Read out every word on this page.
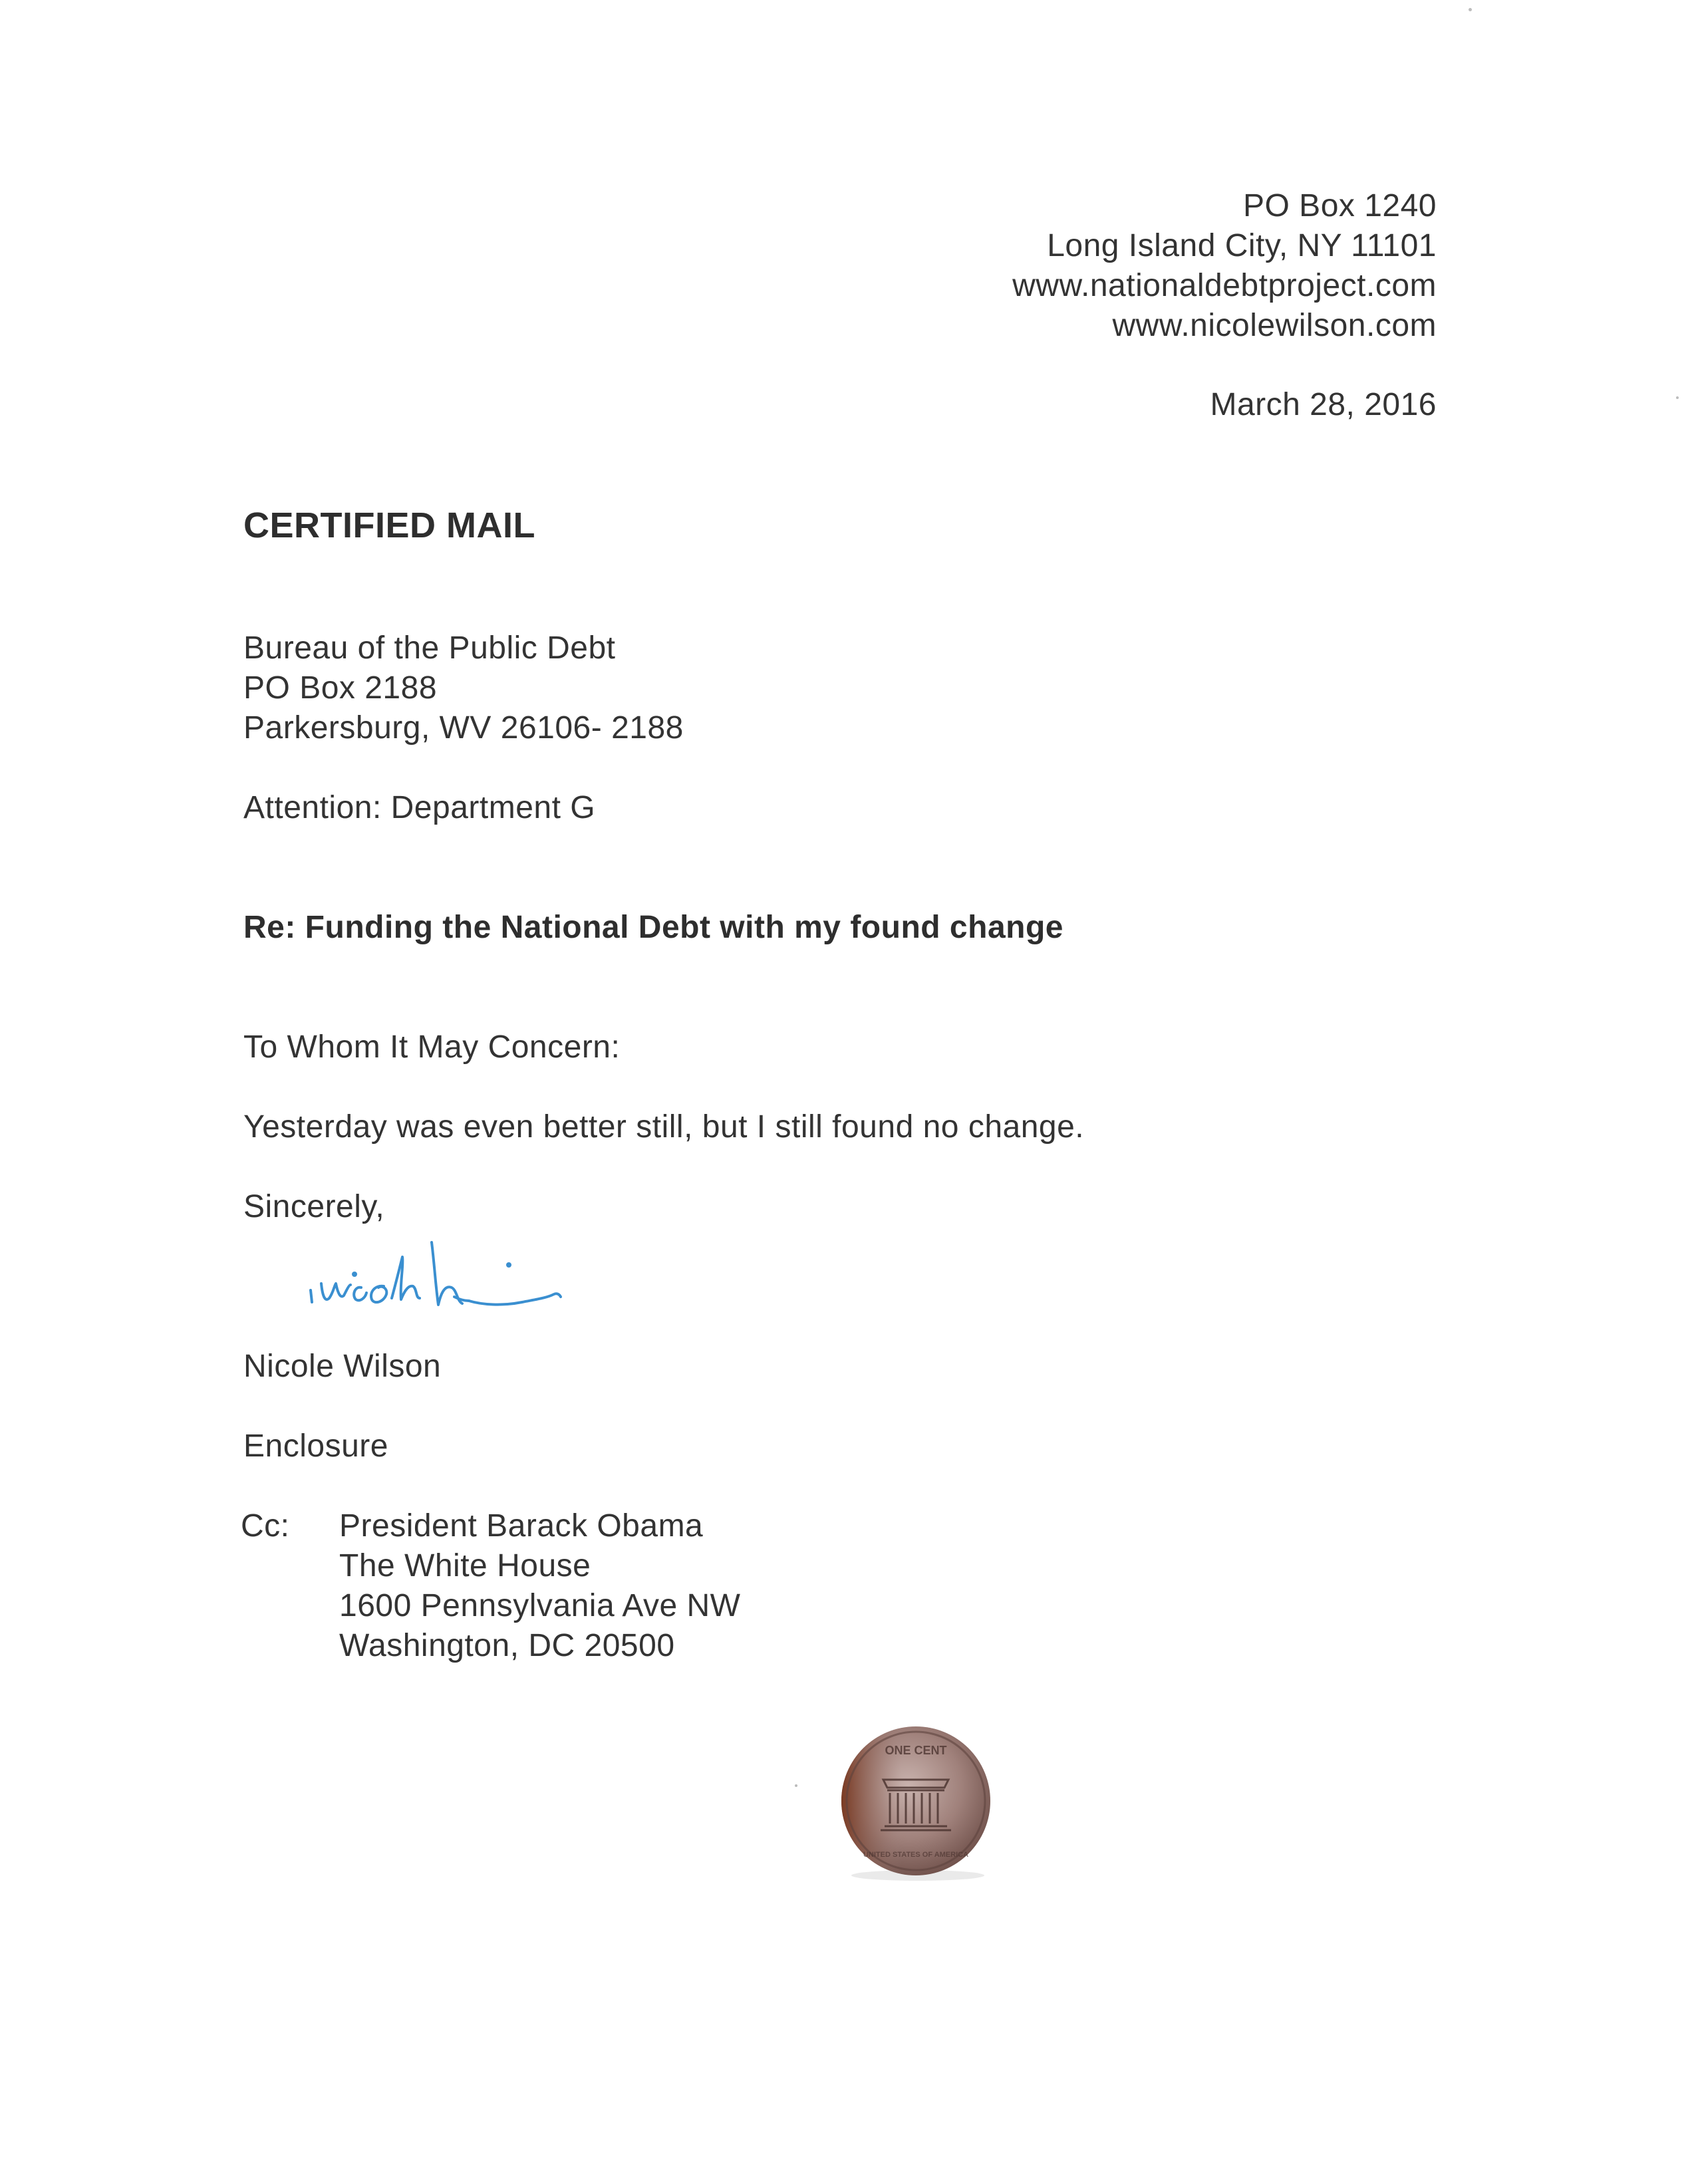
PO Box 1240
Long Island City, NY 11101
www.nationaldebtproject.com
www.nicolewilson.com
March 28, 2016
CERTIFIED MAIL
Bureau of the Public Debt
PO Box 2188
Parkersburg, WV 26106- 2188
Attention: Department G
Re: Funding the National Debt with my found change
To Whom It May Concern:
Yesterday was even better still, but I still found no change.
Sincerely,
Nicole Wilson
Enclosure
Cc: President Barack Obama
The White House
1600 Pennsylvania Ave NW
Washington, DC 20500
ONE CENT
UNITED STATES OF AMERICA
